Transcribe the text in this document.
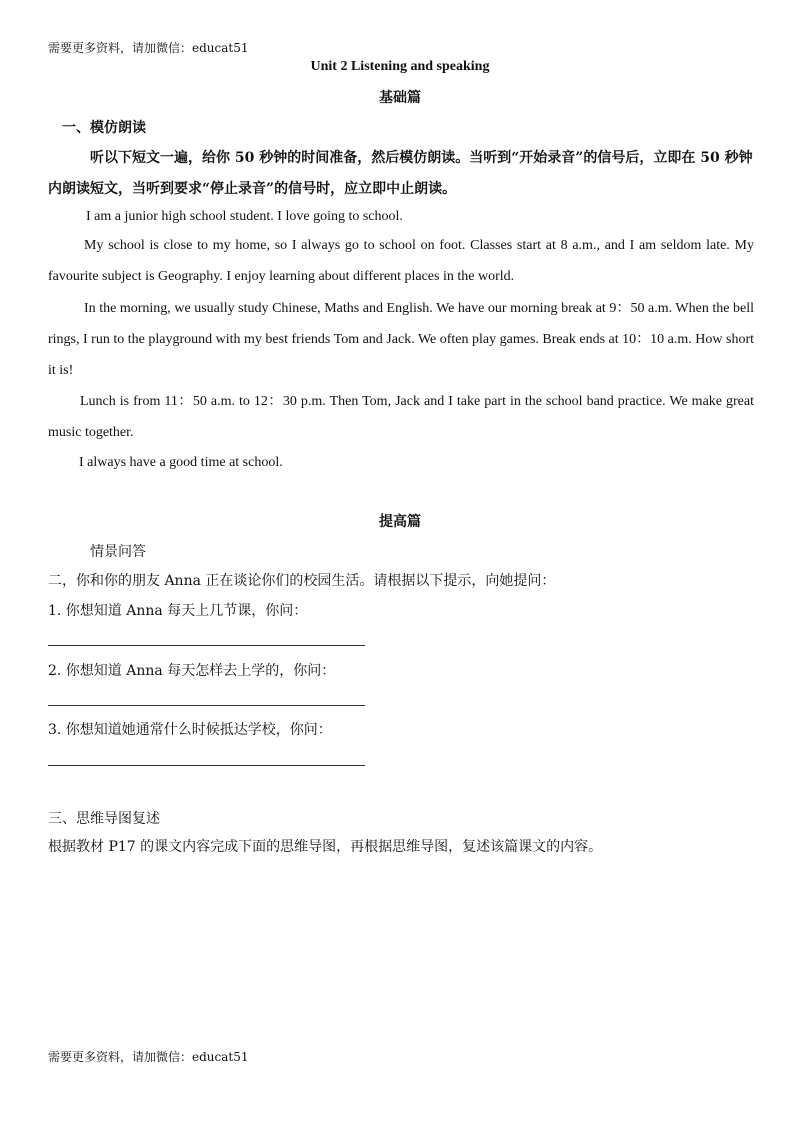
需要更多资料，请加微信：educat51
Unit 2 Listening and speaking
基础篇
一、模仿朗读
听以下短文一遍，给你 50 秒钟的时间准备，然后模仿朗读。当听到“开始录音”的信号后，立即在 50 秒钟内朗读短文，当听到要求“停止录音”的信号时，应立即中止朗读。
I am a junior high school student. I love going to school.
My school is close to my home, so I always go to school on foot. Classes start at 8 a.m., and I am seldom late. My favourite subject is Geography. I enjoy learning about different places in the world.
In the morning, we usually study Chinese, Maths and English. We have our morning break at 9：50 a.m. When the bell rings, I run to the playground with my best friends Tom and Jack. We often play games. Break ends at 10：10 a.m. How short it is!
Lunch is from 11：50 a.m. to 12：30 p.m. Then Tom, Jack and I take part in the school band practice. We make great music together.
I always have a good time at school.
提高篇
情景问答
二，你和你的朋友 Anna 正在谈论你们的校园生活。请根据以下提示，向她提问：
1. 你想知道 Anna 每天上几节课，你问：
2. 你想知道 Anna 每天怎样去上学的，你问：
3. 你想知道她通常什么时候抵达学校，你问：
三、思维导图复述
根据教材 P17 的课文内容完成下面的思维导图，再根据思维导图，复述该篇课文的内容。
需要更多资料，请加微信：educat51
